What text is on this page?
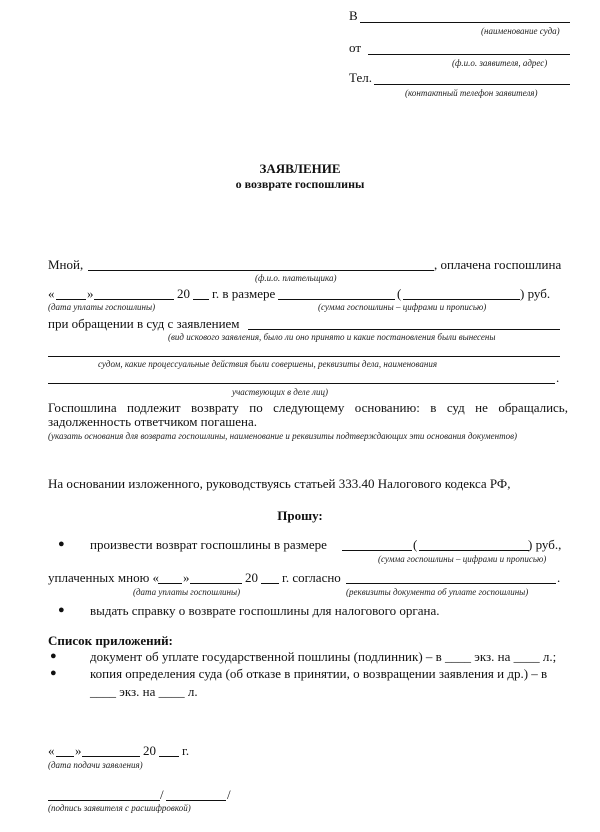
В
(наименование суда)
от
(ф.и.о. заявителя, адрес)
Тел.
(контактный телефон заявителя)
ЗАЯВЛЕНИЕ
о возврате госпошлины
Мной,	, оплачена госпошлина
(ф.и.о. плательщика)
«	»	20 г. в размере	(	) руб.
(дата уплаты госпошлины)	(сумма госпошлины – цифрами и прописью)
при обращении в суд с заявлением
(вид искового заявления, было ли оно принято и какие постановления были вынесены
судом, какие процессуальные действия были совершены, реквизиты дела, наименования
.
участвующих в деле лиц)
Госпошлина подлежит возврату по следующему основанию: в суд не обращались, задолженность ответчиком погашена.
(указать основания для возврата госпошлины, наименование и реквизиты подтверждающих эти основания документов)
На основании изложенного, руководствуясь статьей 333.40 Налогового кодекса РФ,
Прошу:
● произвести возврат госпошлины в размере	(	) руб.,
(сумма госпошлины – цифрами и прописью)
уплаченных мною « »	20 г. согласно	.
(дата уплаты госпошлины)	(реквизиты документа об уплате госпошлины)
● выдать справку о возврате госпошлины для налогового органа.
Список приложений:
●	документ об уплате государственной пошлины (подлинник) – в ____ экз. на ____ л.;
●	копия определения суда (об отказе в принятии, о возвращении заявления и др.) – в
____ экз. на ____ л.
« »	20 г.
(дата подачи заявления)
/	/
(подпись заявителя с расшифровкой)
